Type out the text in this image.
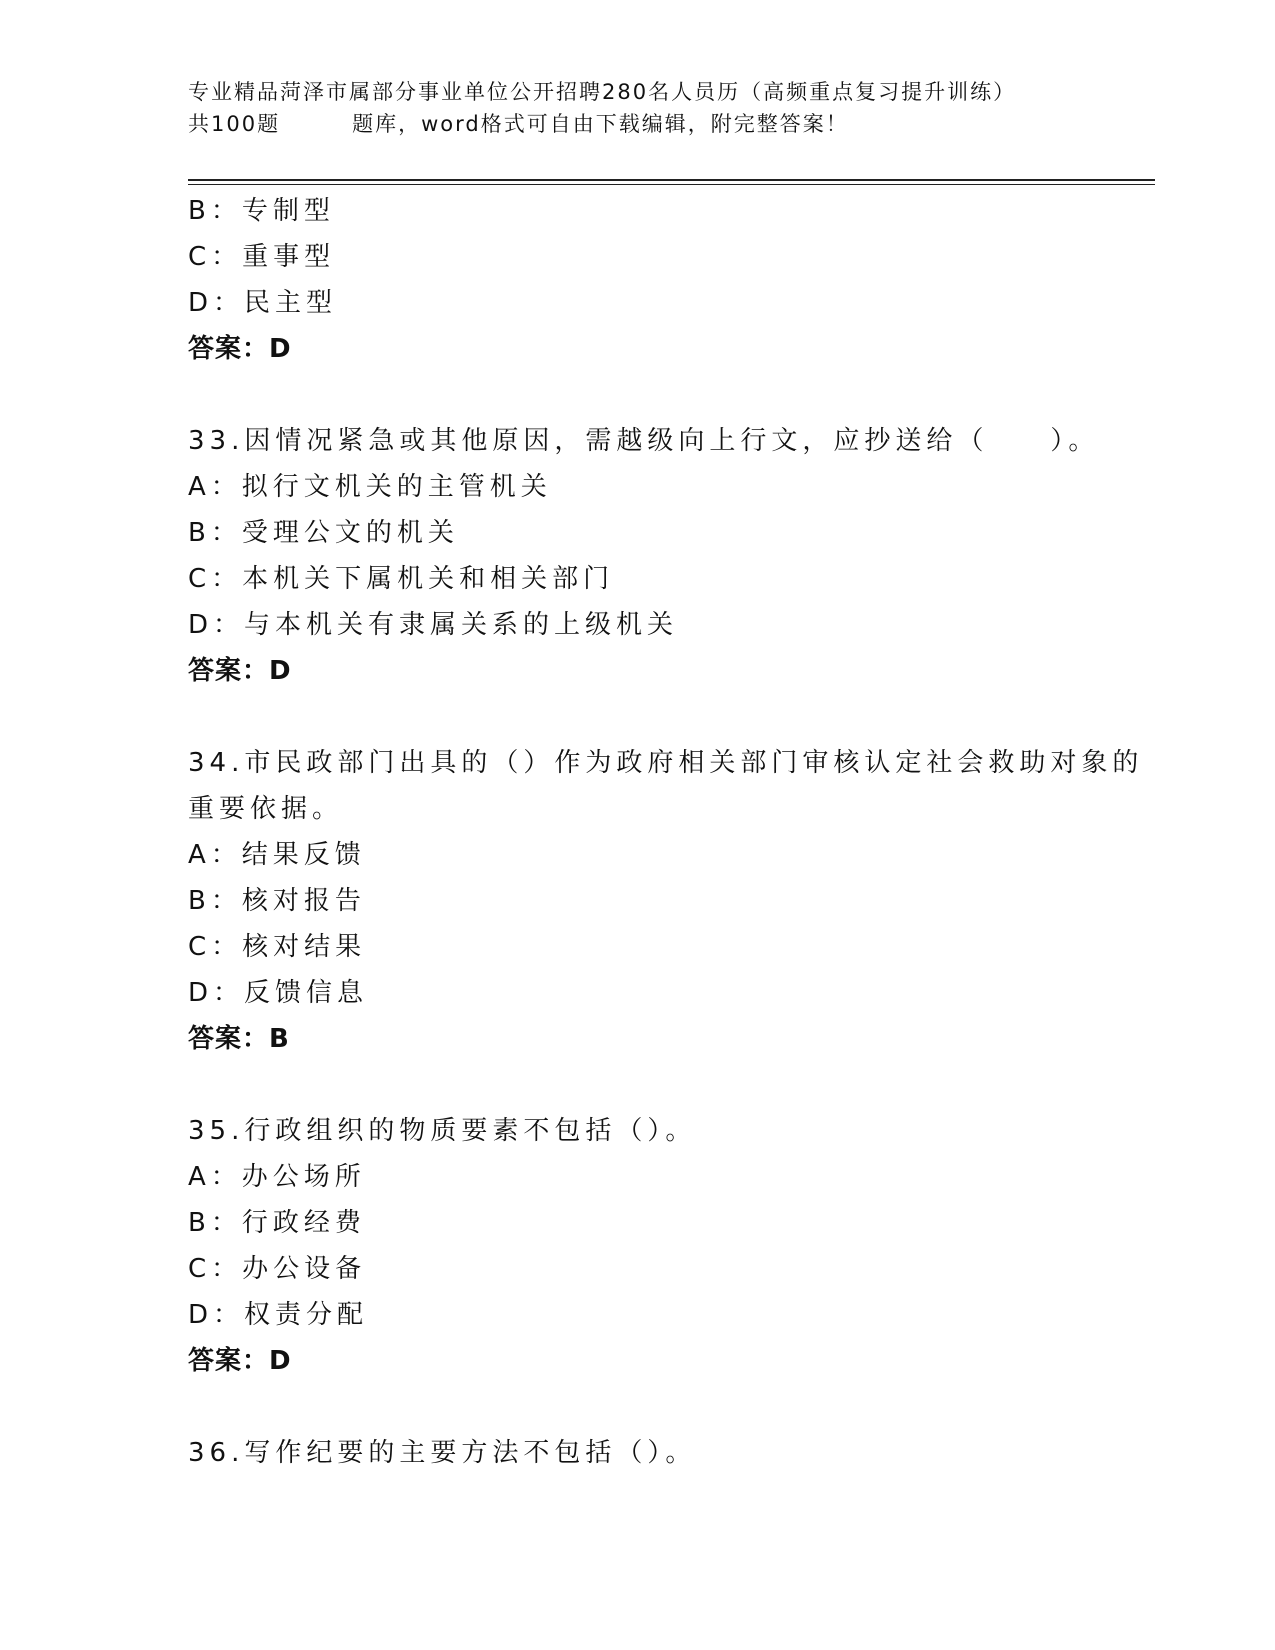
专业精品菏泽市属部分事业单位公开招聘280名人员历（高频重点复习提升训练）
共100题	题库，word格式可自由下载编辑，附完整答案！
B：专制型
C：重事型
D：民主型
答案：D
33.因情况紧急或其他原因，需越级向上行文，应抄送给（　　）。
A：拟行文机关的主管机关
B：受理公文的机关
C：本机关下属机关和相关部门
D：与本机关有隶属关系的上级机关
答案：D
34.市民政部门出具的（）作为政府相关部门审核认定社会救助对象的
重要依据。
A：结果反馈
B：核对报告
C：核对结果
D：反馈信息
答案：B
35.行政组织的物质要素不包括（）。
A：办公场所
B：行政经费
C：办公设备
D：权责分配
答案：D
36.写作纪要的主要方法不包括（）。
